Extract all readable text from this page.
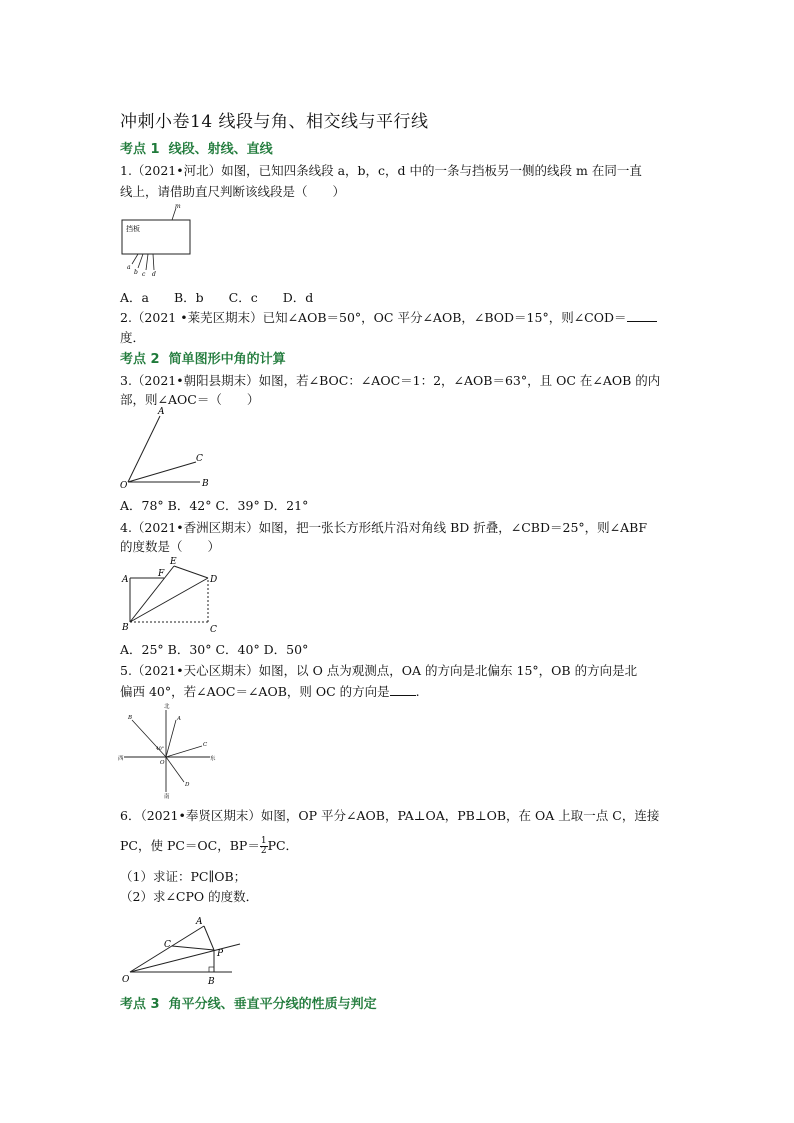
冲刺小卷14 线段与角、相交线与平行线
考点 1 线段、射线、直线
1.（2021•河北）如图，已知四条线段 a，b，c，d 中的一条与挡板另一侧的线段 m 在同一直
线上，请借助直尺判断该线段是（　　）
挡板
m
a
b c d
A．a　　B．b　　C．c　　D．d
2.（2021 •莱芜区期末）已知∠AOB＝50°，OC 平分∠AOB，∠BOD＝15°，则∠COD＝
度．
考点 2 简单图形中角的计算
3.（2021•朝阳县期末）如图，若∠BOC：∠AOC＝1：2，∠AOB＝63°，且 OC 在∠AOB 的内
部，则∠AOC＝（　　）
A
C
B
O
A．78° B．42° C．39° D．21°
4.（2021•香洲区期末）如图，把一张长方形纸片沿对角线 BD 折叠，∠CBD＝25°，则∠ABF
的度数是（　　）
A
F
E
D
B	C
A．25° B．30° C．40° D．50°
5.（2021•天心区期末）如图，以 O 点为观测点，OA 的方向是北偏东 15°，OB 的方向是北
偏西 40°，若∠AOC＝∠AOB，则 OC 的方向是 .
北
南
东
西
A
B
C
D
O
40°
6．（2021•奉贤区期末）如图，OP 平分∠AOB，PA⊥OA，PB⊥OB，在 OA 上取一点 C，连接
PC，使 PC＝OC，$BP= \frac{1}{2}$ PC．
（1）求证：PC∥OB；
（2）求∠CPO 的度数．
A
C
P
B
O
考点 3 角平分线、垂直平分线的性质与判定
